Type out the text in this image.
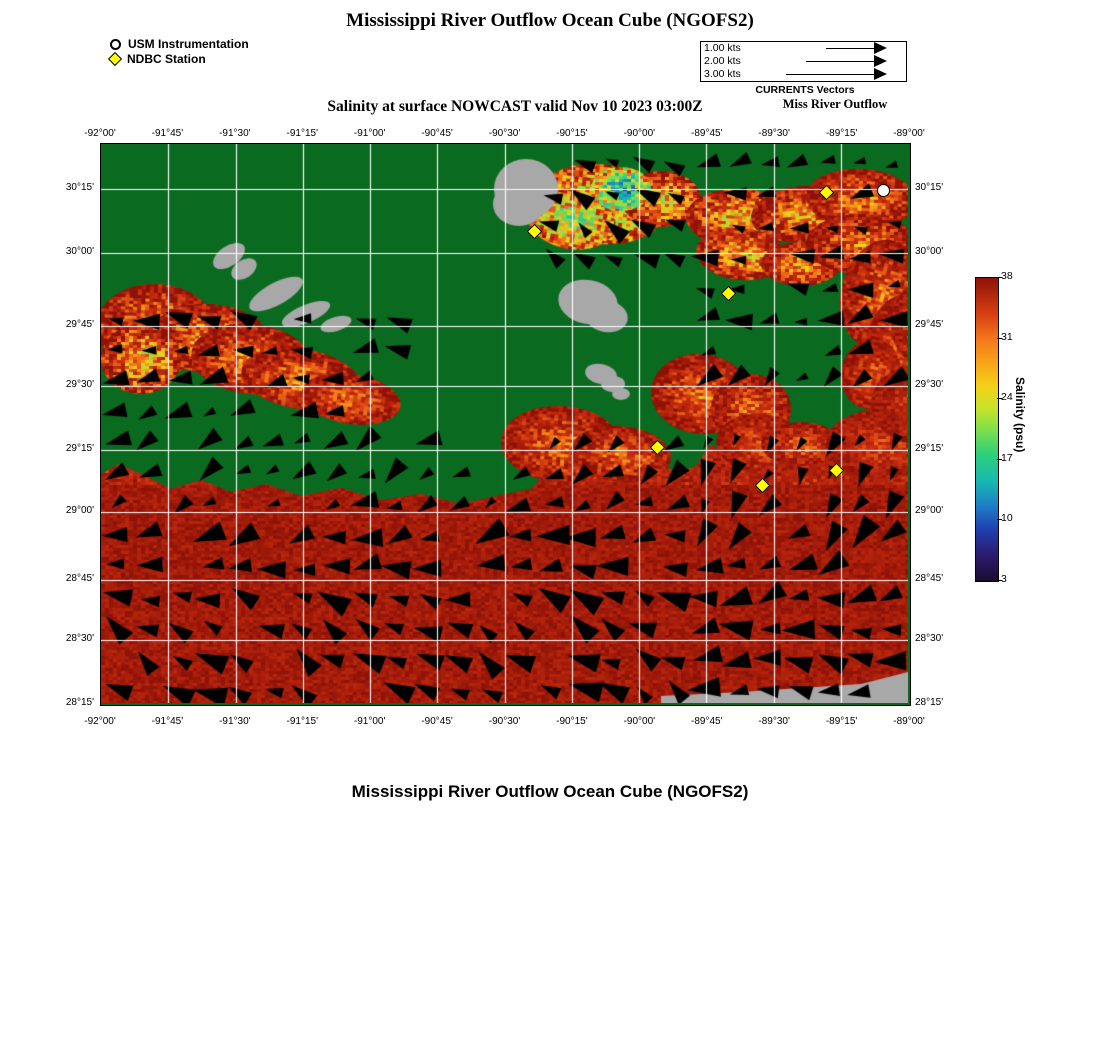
Mississippi River Outflow Ocean Cube (NGOFS2)
Salinity at surface NOWCAST valid Nov 10 2023 03:00Z
CURRENTS Vectors
Miss River Outflow
Mississippi River Outflow Ocean Cube (NGOFS2)
USM Instrumentation
NDBC Station
1.00 kts
2.00 kts
3.00 kts
-92°00'
-92°00'
-91°45'
-91°45'
-91°30'
-91°30'
-91°15'
-91°15'
-91°00'
-91°00'
-90°45'
-90°45'
-90°30'
-90°30'
-90°15'
-90°15'
-90°00'
-90°00'
-89°45'
-89°45'
-89°30'
-89°30'
-89°15'
-89°15'
-89°00'
-89°00'
30°15'	30°15'
30°00'	30°00'
29°45'	29°45'
29°30'	29°30'
29°15'	29°15'
29°00'	29°00'
28°45'	28°45'
28°30'	28°30'
28°15'	28°15'
38
31
24
17
10
3
Salinity (psu)
